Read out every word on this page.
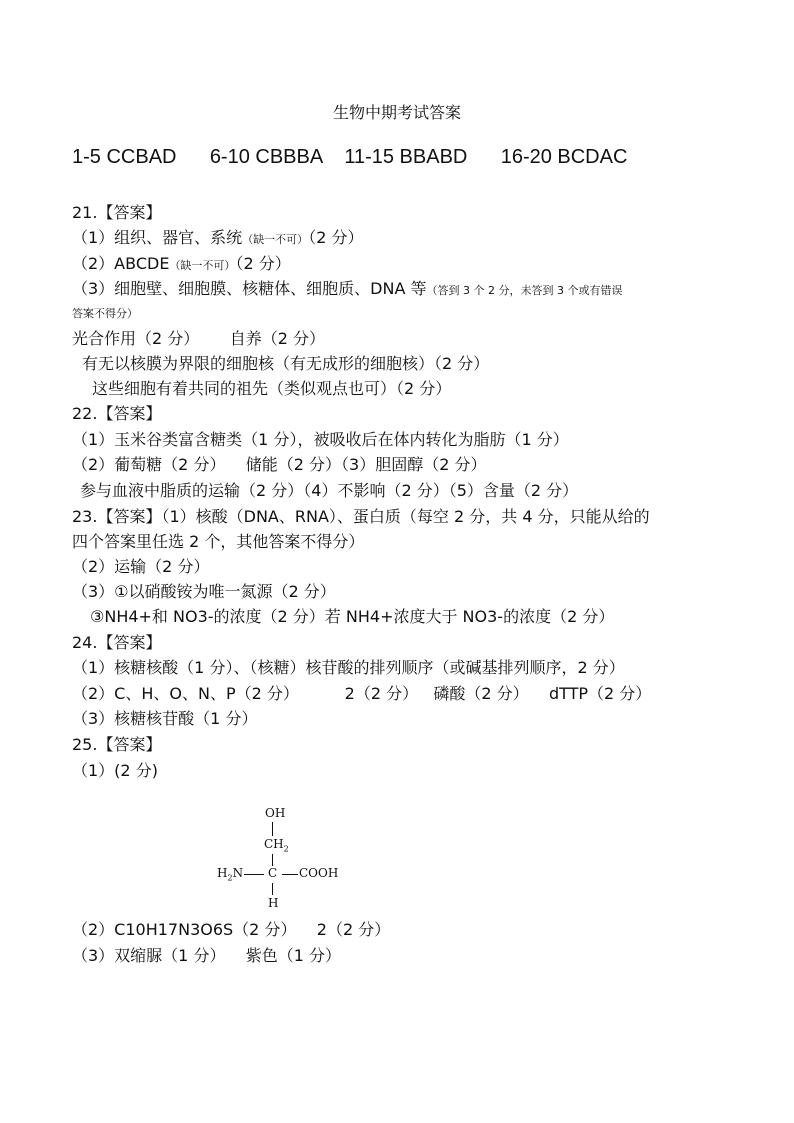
生物中期考试答案
1-5 CCBAD      6-10 CBBBA    11-15 BBABD      16-20 BCDAC
21.【答案】
（1）组织、器官、系统（缺一不可）（2 分）
（2）ABCDE（缺一不可）（2 分）
（3）细胞壁、细胞膜、核糖体、细胞质、DNA 等（答到 3 个 2 分，未答到 3 个或有错误
答案不得分）
光合作用（2 分）      自养（2 分）
有无以核膜为界限的细胞核（有无成形的细胞核）（2 分）
这些细胞有着共同的祖先（类似观点也可）（2 分）
22.【答案】
（1）玉米谷类富含糖类（1 分），被吸收后在体内转化为脂肪（1 分）
（2）葡萄糖（2 分）    储能（2 分）（3）胆固醇（2 分）
参与血液中脂质的运输（2 分）（4）不影响（2 分）（5）含量（2 分）
23.【答案】（1）核酸（DNA、RNA）、蛋白质（每空 2 分，共 4 分，只能从给的
四个答案里任选 2 个，其他答案不得分）
（2）运输（2 分）
（3）①以硝酸铵为唯一氮源（2 分）
③NH4+和 NO3-的浓度（2 分）若 NH4+浓度大于 NO3-的浓度（2 分）
24.【答案】
（1）核糖核酸（1 分）、（核糖）核苷酸的排列顺序（或碱基排列顺序，2 分）
（2）C、H、O、N、P（2 分）         2（2 分）   磷酸（2 分）    dTTP（2 分）
（3）核糖核苷酸（1 分）
25.【答案】
（1）(2 分)
OH
$CH_2$
$H_2N$ C COOH
H
（2）C10H17N3O6S（2 分）    2（2 分）
（3）双缩脲（1 分）    紫色（1 分）
